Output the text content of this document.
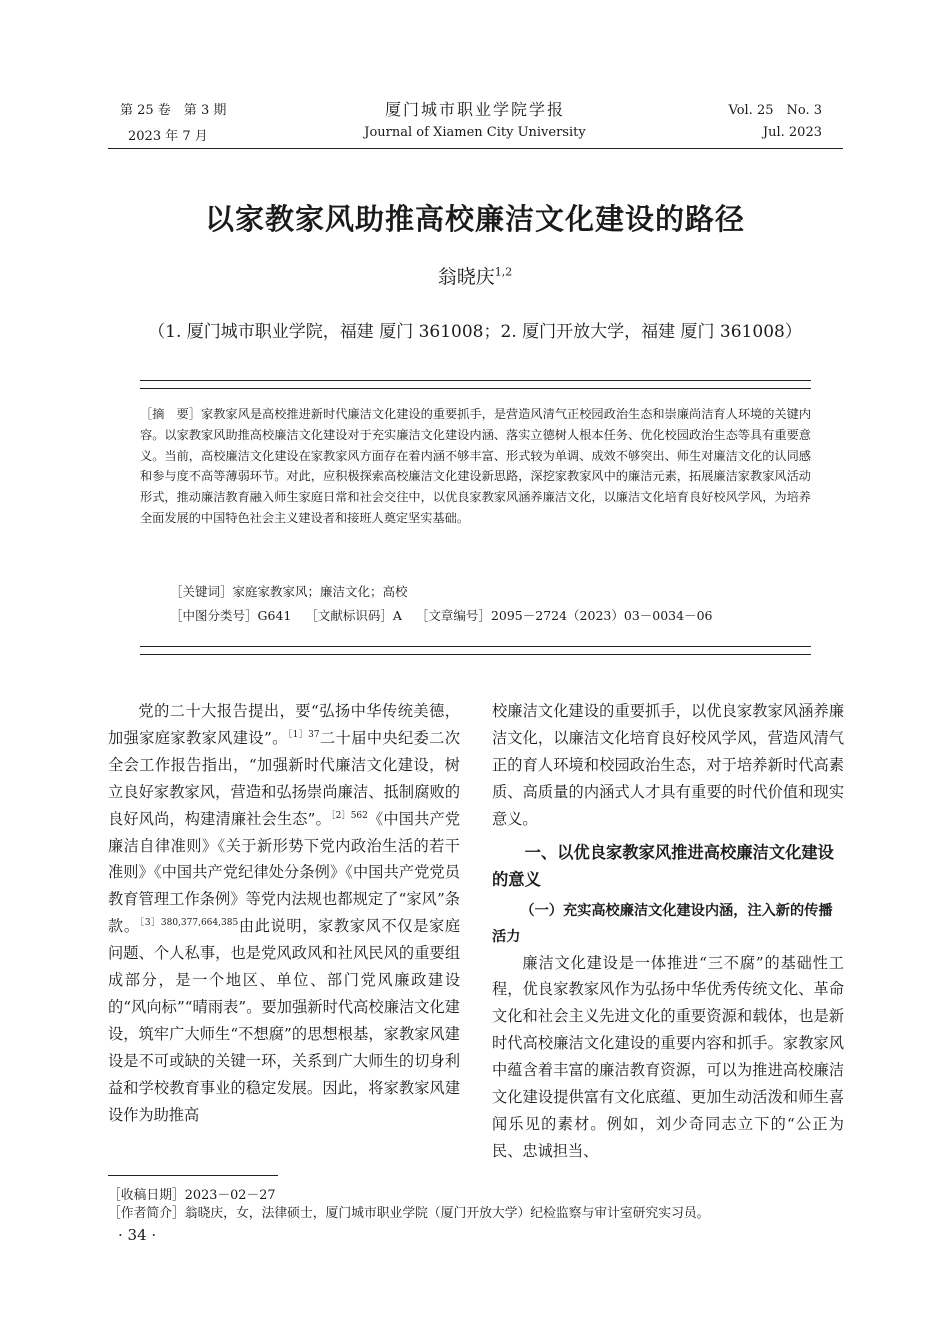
第 25 卷　第 3 期
2023 年 7 月
厦门城市职业学院学报
Journal of Xiamen City University
Vol. 25　No. 3
Jul. 2023
以家教家风助推高校廉洁文化建设的路径
翁晓庆$^{1,2}$
（1. 厦门城市职业学院，福建 厦门 361008；2. 厦门开放大学，福建 厦门 361008）

［摘　要］家教家风是高校推进新时代廉洁文化建设的重要抓手，是营造风清气正校园政治生态和崇廉尚洁育人环境的关键内容。以家教家风助推高校廉洁文化建设对于充实廉洁文化建设内涵、落实立德树人根本任务、优化校园政治生态等具有重要意义。当前，高校廉洁文化建设在家教家风方面存在着内涵不够丰富、形式较为单调、成效不够突出、师生对廉洁文化的认同感和参与度不高等薄弱环节。对此，应积极探索高校廉洁文化建设新思路，深挖家教家风中的廉洁元素，拓展廉洁家教家风活动形式，推动廉洁教育融入师生家庭日常和社会交往中，以优良家教家风涵养廉洁文化，以廉洁文化培育良好校风学风，为培养全面发展的中国特色社会主义建设者和接班人奠定坚实基础。

［关键词］家庭家教家风；廉洁文化；高校
［中图分类号］G641 ［文献标识码］A ［文章编号］2095－2724（2023）03－0034－06

党的二十大报告提出，要“弘扬中华传统美德，加强家庭家教家风建设”。$^{[1]37}$二十届中央纪委二次全会工作报告指出，“加强新时代廉洁文化建设，树立良好家教家风，营造和弘扬崇尚廉洁、抵制腐败的良好风尚，构建清廉社会生态”。$^{[2]562}$《中国共产党廉洁自律准则》《关于新形势下党内政治生活的若干准则》《中国共产党纪律处分条例》《中国共产党党员教育管理工作条例》等党内法规也都规定了“家风”条款。$^{[3]380,377,664,385}$由此说明，家教家风不仅是家庭问题、个人私事，也是党风政风和社风民风的重要组成部分，是一个地区、单位、部门党风廉政建设的“风向标”“晴雨表”。要加强新时代高校廉洁文化建设，筑牢广大师生“不想腐”的思想根基，家教家风建设是不可或缺的关键一环，关系到广大师生的切身利益和学校教育事业的稳定发展。因此，将家教家风建设作为助推高

校廉洁文化建设的重要抓手，以优良家教家风涵养廉洁文化，以廉洁文化培育良好校风学风，营造风清气正的育人环境和校园政治生态，对于培养新时代高素质、高质量的内涵式人才具有重要的时代价值和现实意义。

一、以优良家教家风推进高校廉洁文化建设的意义
（一）充实高校廉洁文化建设内涵，注入新的传播活力

廉洁文化建设是一体推进“三不腐”的基础性工程，优良家教家风作为弘扬中华优秀传统文化、革命文化和社会主义先进文化的重要资源和载体，也是新时代高校廉洁文化建设的重要内容和抓手。家教家风中蕴含着丰富的廉洁教育资源，可以为推进高校廉洁文化建设提供富有文化底蕴、更加生动活泼和师生喜闻乐见的素材。例如，刘少奇同志立下的“公正为民、忠诚担当、

［收稿日期］2023－02－27
［作者简介］翁晓庆，女，法律硕士，厦门城市职业学院（厦门开放大学）纪检监察与审计室研究实习员。
· 34 ·
